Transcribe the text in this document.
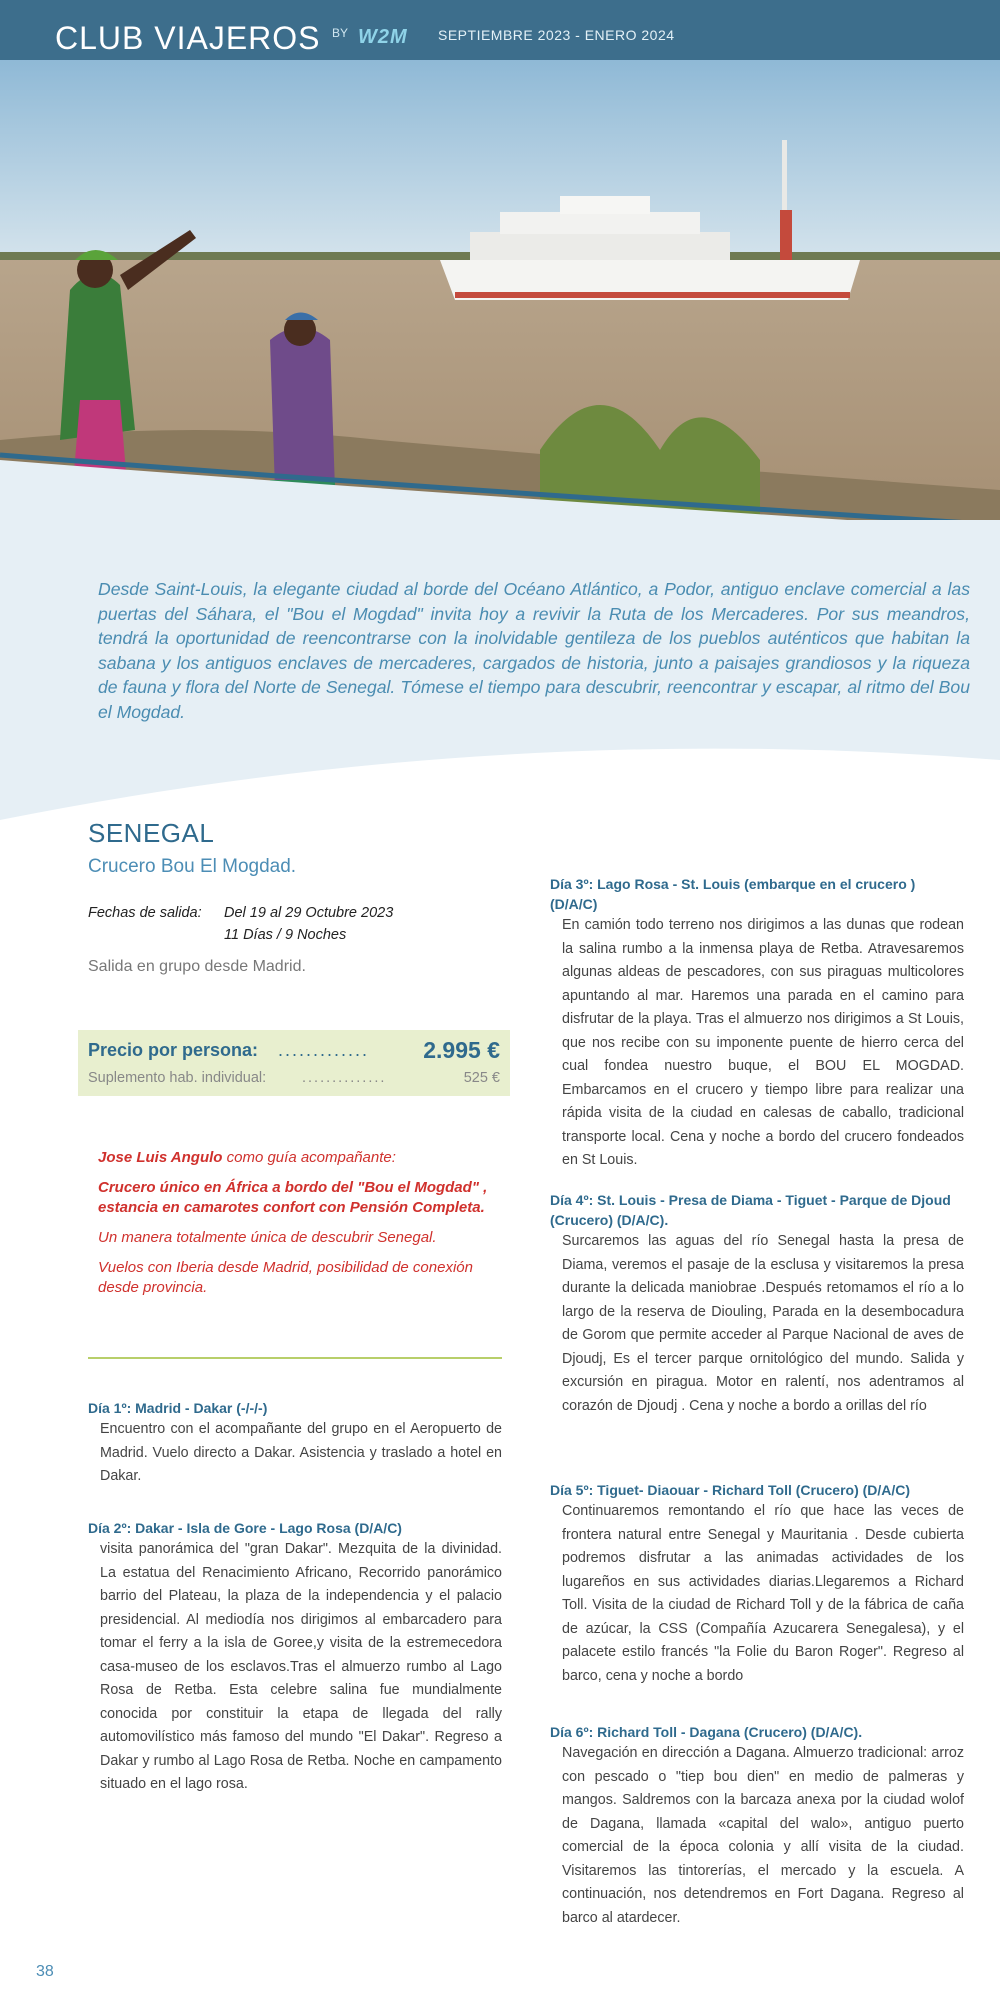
CLUB VIAJEROS BY W2M SEPTIEMBRE 2023 - ENERO 2024
Desde Saint-Louis, la elegante ciudad al borde del Océano Atlántico, a Podor, antiguo enclave comercial a las puertas del Sáhara, el "Bou el Mogdad" invita hoy a revivir la Ruta de los Mercaderes. Por sus meandros, tendrá la oportunidad de reencontrarse con la inolvidable gentileza de los pueblos auténticos que habitan la sabana y los antiguos enclaves de mercaderes, cargados de historia, junto a paisajes grandiosos y la riqueza de fauna y flora del Norte de Senegal. Tómese el tiempo para descubrir, reencontrar y escapar, al ritmo del Bou el Mogdad.
SENEGAL
Crucero Bou El Mogdad.
Fechas de salida: Del 19 al 29 Octubre 2023
11 Días / 9 Noches
Salida en grupo desde Madrid.
Precio por persona: ............. 2.995 €
Suplemento hab. individual: ..............	525 €

Jose Luis Angulo como guía acompañante:

Crucero único en África a bordo del "Bou el Mogdad" , estancia en camarotes confort con Pensión Completa.

Un manera totalmente única de descubrir Senegal.

Vuelos con Iberia desde Madrid, posibilidad de conexión desde provincia.

Día 1º: Madrid - Dakar (-/-/-)
Encuentro con el acompañante del grupo en el Aeropuerto de Madrid. Vuelo directo a Dakar. Asistencia y traslado a hotel en Dakar.
Día 2º: Dakar - Isla de Gore - Lago Rosa (D/A/C)
visita panorámica del "gran Dakar". Mezquita de la divinidad. La estatua del Renacimiento Africano, Recorrido panorámico barrio del Plateau, la plaza de la independencia y el palacio presidencial. Al mediodía nos dirigimos al embarcadero para tomar el ferry a la isla de Goree,y visita de la estremecedora casa-museo de los esclavos.Tras el almuerzo rumbo al Lago Rosa de Retba. Esta celebre salina fue mundialmente conocida por constituir la etapa de llegada del rally automovilístico más famoso del mundo "El Dakar". Regreso a Dakar y rumbo al Lago Rosa de Retba. Noche en campamento situado en el lago rosa.
Día 3º: Lago Rosa - St. Louis (embarque en el crucero ) (D/A/C)
En camión todo terreno nos dirigimos a las dunas que rodean la salina rumbo a la inmensa playa de Retba. Atravesaremos algunas aldeas de pescadores, con sus piraguas multicolores apuntando al mar. Haremos una parada en el camino para disfrutar de la playa. Tras el almuerzo nos dirigimos a St Louis, que nos recibe con su imponente puente de hierro cerca del cual fondea nuestro buque, el BOU EL MOGDAD. Embarcamos en el crucero y tiempo libre para realizar una rápida visita de la ciudad en calesas de caballo, tradicional transporte local. Cena y noche a bordo del crucero fondeados en St Louis.
Día 4º: St. Louis - Presa de Diama - Tiguet - Parque de Djoud (Crucero) (D/A/C).
Surcaremos las aguas del río Senegal hasta la presa de Diama, veremos el pasaje de la esclusa y visitaremos la presa durante la delicada maniobrae .Después retomamos el río a lo largo de la reserva de Diouling, Parada en la desembocadura de Gorom que permite acceder al Parque Nacional de aves de Djoudj, Es el tercer parque ornitológico del mundo. Salida y excursión en piragua. Motor en ralentí, nos adentramos al corazón de Djoudj . Cena y noche a bordo a orillas del río
Día 5º: Tiguet- Diaouar - Richard Toll (Crucero) (D/A/C)
Continuaremos remontando el río que hace las veces de frontera natural entre Senegal y Mauritania . Desde cubierta podremos disfrutar a las animadas actividades de los lugareños en sus actividades diarias.Llegaremos a Richard Toll. Visita de la ciudad de Richard Toll y de la fábrica de caña de azúcar, la CSS (Compañía Azucarera Senegalesa), y el palacete estilo francés "la Folie du Baron Roger". Regreso al barco, cena y noche a bordo
Día 6º: Richard Toll - Dagana (Crucero) (D/A/C).
Navegación en dirección a Dagana. Almuerzo tradicional: arroz con pescado o "tiep bou dien" en medio de palmeras y mangos. Saldremos con la barcaza anexa por la ciudad wolof de Dagana, llamada «capital del walo», antiguo puerto comercial de la época colonia y allí visita de la ciudad. Visitaremos las tintorerías, el mercado y la escuela. A continuación, nos detendremos en Fort Dagana. Regreso al barco al atardecer.
38
